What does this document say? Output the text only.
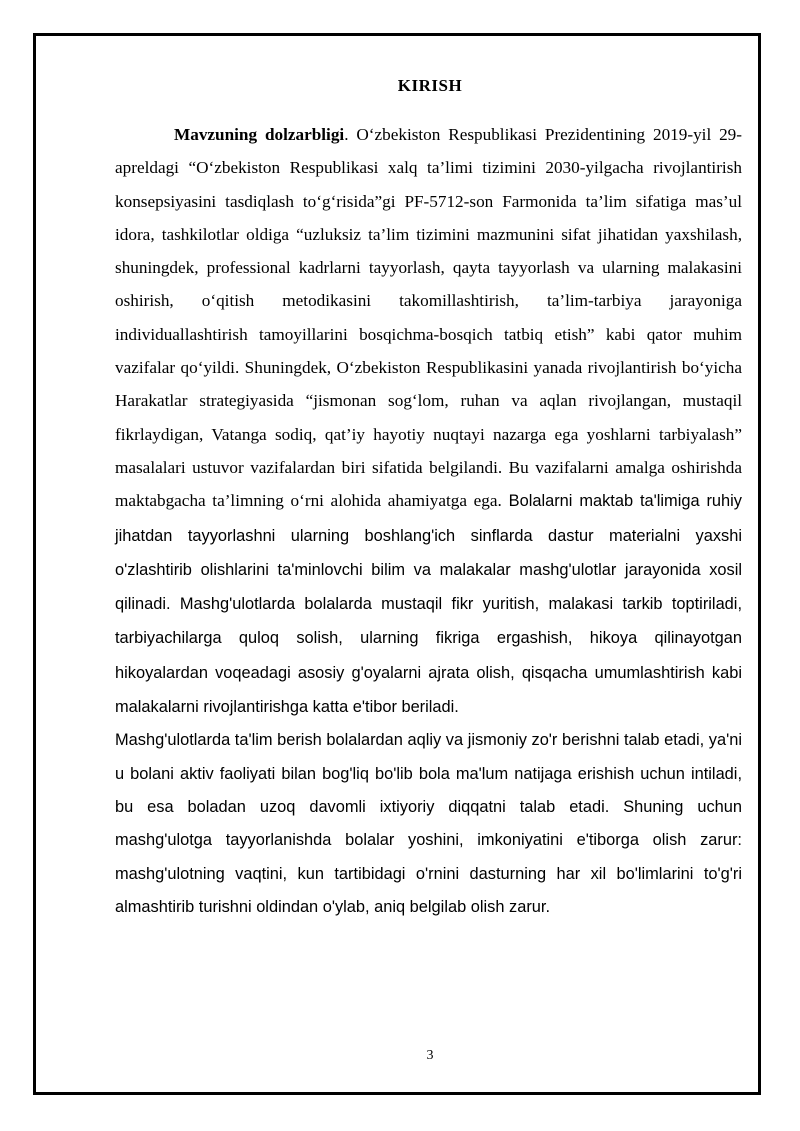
KIRISH

Mavzuning dolzarbligi. O‘zbekiston Respublikasi Prezidentining 2019-yil 29-apreldagi “O‘zbekiston Respublikasi xalq ta’limi tizimini 2030-yilgacha rivojlantirish konsepsiyasini tasdiqlash to‘g‘risida”gi PF-5712-son Farmonida ta’lim sifatiga mas’ul idora, tashkilotlar oldiga “uzluksiz ta’lim tizimini mazmunini sifat jihatidan yaxshilash, shuningdek, professional kadrlarni tayyorlash, qayta tayyorlash va ularning malakasini oshirish, o‘qitish metodikasini takomillashtirish, ta’lim-tarbiya jarayoniga individuallashtirish tamoyillarini bosqichma-bosqich tatbiq etish” kabi qator muhim vazifalar qo‘yildi. Shuningdek, O‘zbekiston Respublikasini yanada rivojlantirish bo‘yicha Harakatlar strategiyasida “jismonan sog‘lom, ruhan va aqlan rivojlangan, mustaqil fikrlaydigan, Vatanga sodiq, qat’iy hayotiy nuqtayi nazarga ega yoshlarni tarbiyalash” masalalari ustuvor vazifalardan biri sifatida belgilandi. Bu vazifalarni amalga oshirishda maktabgacha ta’limning o‘rni alohida ahamiyatga ega. Bolalarni maktab ta'limiga ruhiy jihatdan tayyorlashni ularning boshlang'ich sinflarda dastur materialni yaxshi o'zlashtirib olishlarini ta'minlovchi bilim va malakalar mashg'ulotlar jarayonida xosil qilinadi. Mashg'ulotlarda bolalarda mustaqil fikr yuritish, malakasi tarkib toptiriladi, tarbiyachilarga quloq solish, ularning fikriga ergashish, hikoya qilinayotgan hikoyalardan voqeadagi asosiy g'oyalarni ajrata olish, qisqacha umumlashtirish kabi malakalarni rivojlantirishga katta e'tibor beriladi.

Mashg'ulotlarda ta'lim berish bolalardan aqliy va jismoniy zo'r berishni talab etadi, ya'ni u bolani aktiv faoliyati bilan bog'liq bo'lib bola ma'lum natijaga erishish uchun intiladi, bu esa boladan uzoq davomli ixtiyoriy diqqatni talab etadi. Shuning uchun mashg'ulotga tayyorlanishda bolalar yoshini, imkoniyatini e'tiborga olish zarur: mashg'ulotning vaqtini, kun tartibidagi o'rnini dasturning har xil bo'limlarini to'g'ri almashtirib turishni oldindan o'ylab, aniq belgilab olish zarur.

3
